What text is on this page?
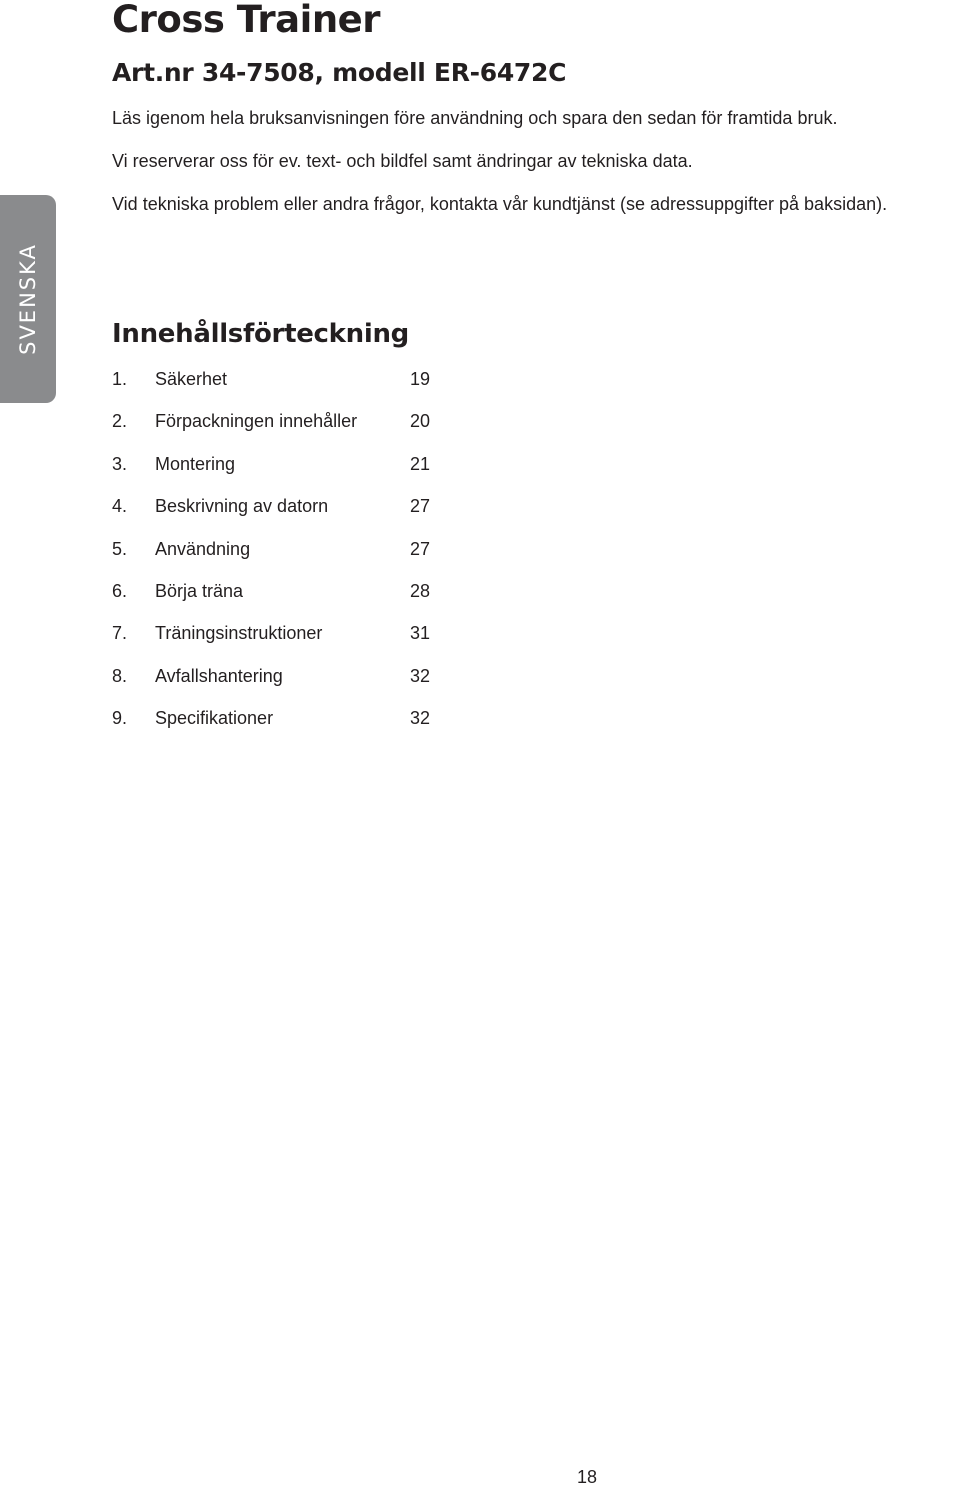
Cross Trainer
Art.nr 34-7508, modell ER-6472C

Läs igenom hela bruksanvisningen före användning och spara den sedan för framtida bruk.

Vi reserverar oss för ev. text- och bildfel samt ändringar av tekniska data.

Vid tekniska problem eller andra frågor, kontakta vår kundtjänst (se adressuppgifter på baksidan).

SVENSKA	Innehållsförteckning
1. Säkerhet	19
2. Förpackningen innehåller	20
3. Montering	21
4. Beskrivning av datorn	27
5. Användning	27
6. Börja träna	28
7. Träningsinstruktioner	31
8. Avfallshantering	32
9. Specifikationer	32

18
